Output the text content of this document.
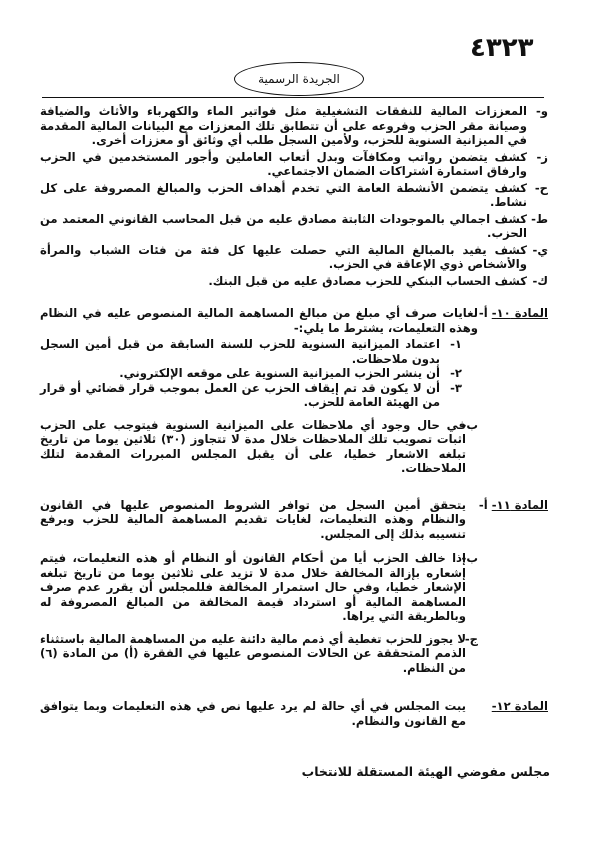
٤٣٢٣
الجريدة الرسمية
و-
المعززات المالية للنفقات التشغيلية مثل فواتير الماء والكهرباء والأثاث والضيافة وصيانة مقر الحزب وفروعه على أن تتطابق تلك المعززات مع البيانات المالية المقدمة في الميزانية السنوية للحزب، ولأمين السجل طلب أي وثائق أو معززات أخرى.
ز-
كشف يتضمن رواتب ومكافآت وبدل أتعاب العاملين وأجور المستخدمين في الحزب وارفاق استمارة اشتراكات الضمان الاجتماعي.
ح-
كشف يتضمن الأنشطة العامة التي تخدم أهداف الحزب والمبالغ المصروفة على كل نشاط.
ط-
كشف اجمالي بالموجودات الثابتة مصادق عليه من قبل المحاسب القانوني المعتمد من الحزب.
ي-
كشف يفيد بالمبالغ المالية التي حصلت عليها كل فئة من فئات الشباب والمرأة والأشخاص ذوي الإعاقة في الحزب.
ك-
كشف الحساب البنكي للحزب مصادق عليه من قبل البنك.
المادة ١٠- أ-
لغايات صرف أي مبلغ من مبالغ المساهمة المالية المنصوص عليه في النظام وهذه التعليمات، يشترط ما يلي:-
١-
اعتماد الميزانية السنوية للحزب للسنة السابقة من قبل أمين السجل بدون ملاحظات.
٢-
أن ينشر الحزب الميزانية السنوية على موقعه الإلكتروني.
٣-
أن لا يكون قد تم إيقاف الحزب عن العمل بموجب قرار قضائي أو قرار من الهيئة العامة للحزب.
ب-
في حال وجود أي ملاحظات على الميزانية السنوية فيتوجب على الحزب اثبات تصويب تلك الملاحظات خلال مدة لا تتجاوز (٣٠) ثلاثين يوما من تاريخ تبلغه الاشعار خطيا، على أن يقبل المجلس المبررات المقدمة لتلك الملاحظات.
المادة ١١- أ-
يتحقق أمين السجل من توافر الشروط المنصوص عليها في القانون والنظام وهذه التعليمات، لغايات تقديم المساهمة المالية للحزب ويرفع تنسيبه بذلك إلى المجلس.
ب-
إذا خالف الحزب أيا من أحكام القانون أو النظام أو هذه التعليمات، فيتم إشعاره بإزالة المخالفة خلال مدة لا تزيد على ثلاثين يوما من تاريخ تبلغه الإشعار خطيا، وفي حال استمرار المخالفة فللمجلس أن يقرر عدم صرف المساهمة المالية أو استرداد قيمة المخالفة من المبالغ المصروفة له وبالطريقة التي يراها.
ج-
لا يجوز للحزب تغطية أي ذمم مالية دائنة عليه من المساهمة المالية باستثناء الذمم المتحققة عن الحالات المنصوص عليها في الفقرة (أ) من المادة (٦) من النظام.
المادة ١٢-
يبت المجلس في أي حالة لم يرد عليها نص في هذه التعليمات وبما يتوافق مع القانون والنظام.
مجلس مفوضي الهيئة المستقلة للانتخاب
